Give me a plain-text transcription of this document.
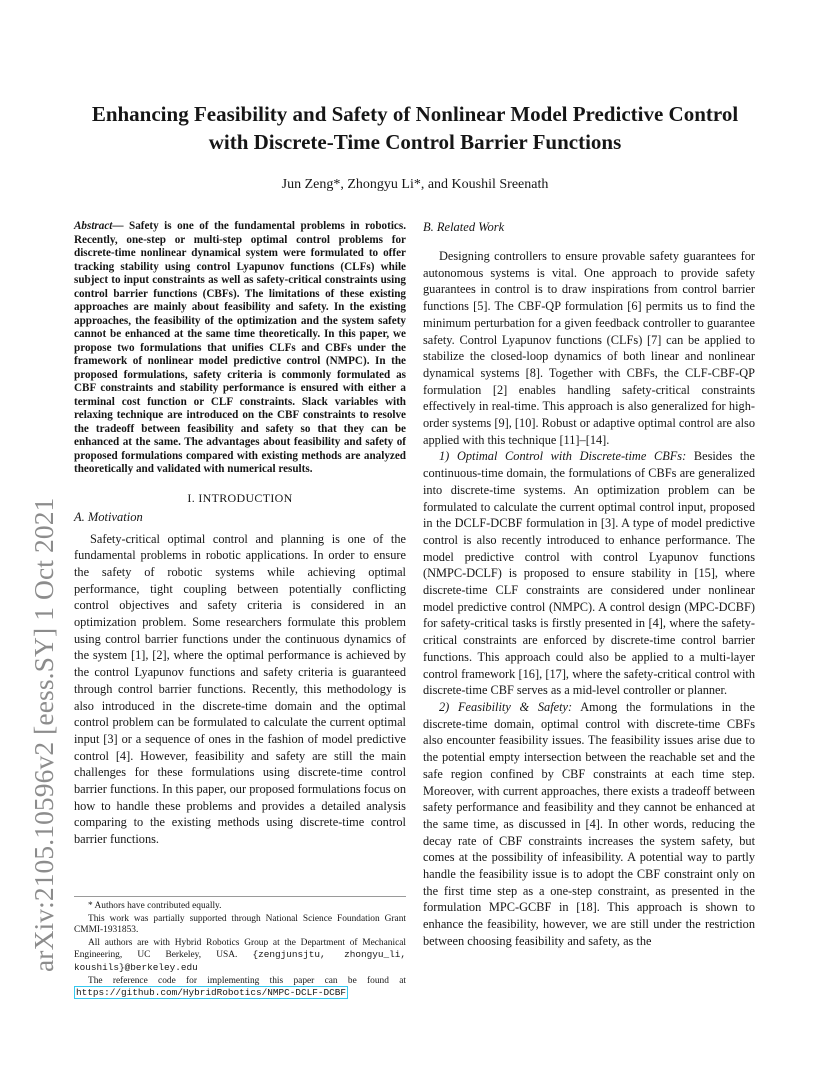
arXiv:2105.10596v2 [eess.SY] 1 Oct 2021
Enhancing Feasibility and Safety of Nonlinear Model Predictive Control
with Discrete-Time Control Barrier Functions
Jun Zeng*, Zhongyu Li*, and Koushil Sreenath

Abstract— Safety is one of the fundamental problems in robotics. Recently, one-step or multi-step optimal control problems for discrete-time nonlinear dynamical system were formulated to offer tracking stability using control Lyapunov functions (CLFs) while subject to input constraints as well as safety-critical constraints using control barrier functions (CBFs). The limitations of these existing approaches are mainly about feasibility and safety. In the existing approaches, the feasibility of the optimization and the system safety cannot be enhanced at the same time theoretically. In this paper, we propose two formulations that unifies CLFs and CBFs under the framework of nonlinear model predictive control (NMPC). In the proposed formulations, safety criteria is commonly formulated as CBF constraints and stability performance is ensured with either a terminal cost function or CLF constraints. Slack variables with relaxing technique are introduced on the CBF constraints to resolve the tradeoff between feasibility and safety so that they can be enhanced at the same. The advantages about feasibility and safety of proposed formulations compared with existing methods are analyzed theoretically and validated with numerical results.

I. INTRODUCTION
A. Motivation

Safety-critical optimal control and planning is one of the fundamental problems in robotic applications. In order to ensure the safety of robotic systems while achieving optimal performance, tight coupling between potentially conflicting control objectives and safety criteria is considered in an optimization problem. Some researchers formulate this problem using control barrier functions under the continuous dynamics of the system [1], [2], where the optimal performance is achieved by the control Lyapunov functions and safety criteria is guaranteed through control barrier functions. Recently, this methodology is also introduced in the discrete-time domain and the optimal control problem can be formulated to calculate the current optimal input [3] or a sequence of ones in the fashion of model predictive control [4]. However, feasibility and safety are still the main challenges for these formulations using discrete-time control barrier functions. In this paper, our proposed formulations focus on how to handle these problems and provides a detailed analysis comparing to the existing methods using discrete-time control barrier functions.

* Authors have contributed equally.

This work was partially supported through National Science Foundation Grant CMMI-1931853.

All authors are with Hybrid Robotics Group at the Department of Mechanical Engineering, UC Berkeley, USA. {zengjunsjtu, zhongyu_li, koushils}@berkeley.edu

The reference code for implementing this paper can be found at https://github.com/HybridRobotics/NMPC-DCLF-DCBF

B. Related Work

Designing controllers to ensure provable safety guarantees for autonomous systems is vital. One approach to provide safety guarantees in control is to draw inspirations from control barrier functions [5]. The CBF-QP formulation [6] permits us to find the minimum perturbation for a given feedback controller to guarantee safety. Control Lyapunov functions (CLFs) [7] can be applied to stabilize the closed-loop dynamics of both linear and nonlinear dynamical systems [8]. Together with CBFs, the CLF-CBF-QP formulation [2] enables handling safety-critical constraints effectively in real-time. This approach is also generalized for high-order systems [9], [10]. Robust or adaptive optimal control are also applied with this technique [11]–[14].

1) Optimal Control with Discrete-time CBFs: Besides the continuous-time domain, the formulations of CBFs are generalized into discrete-time systems. An optimization problem can be formulated to calculate the current optimal control input, proposed in the DCLF-DCBF formulation in [3]. A type of model predictive control is also recently introduced to enhance performance. The model predictive control with control Lyapunov functions (NMPC-DCLF) is proposed to ensure stability in [15], where discrete-time CLF constraints are considered under nonlinear model predictive control (NMPC). A control design (MPC-DCBF) for safety-critical tasks is firstly presented in [4], where the safety-critical constraints are enforced by discrete-time control barrier functions. This approach could also be applied to a multi-layer control framework [16], [17], where the safety-critical control with discrete-time CBF serves as a mid-level controller or planner.

2) Feasibility & Safety: Among the formulations in the discrete-time domain, optimal control with discrete-time CBFs also encounter feasibility issues. The feasibility issues arise due to the potential empty intersection between the reachable set and the safe region confined by CBF constraints at each time step. Moreover, with current approaches, there exists a tradeoff between safety performance and feasibility and they cannot be enhanced at the same time, as discussed in [4]. In other words, reducing the decay rate of CBF constraints increases the system safety, but comes at the possibility of infeasibility. A potential way to partly handle the feasibility issue is to adopt the CBF constraint only on the first time step as a one-step constraint, as presented in the formulation MPC-GCBF in [18]. This approach is shown to enhance the feasibility, however, we are still under the restriction between choosing feasibility and safety, as the
